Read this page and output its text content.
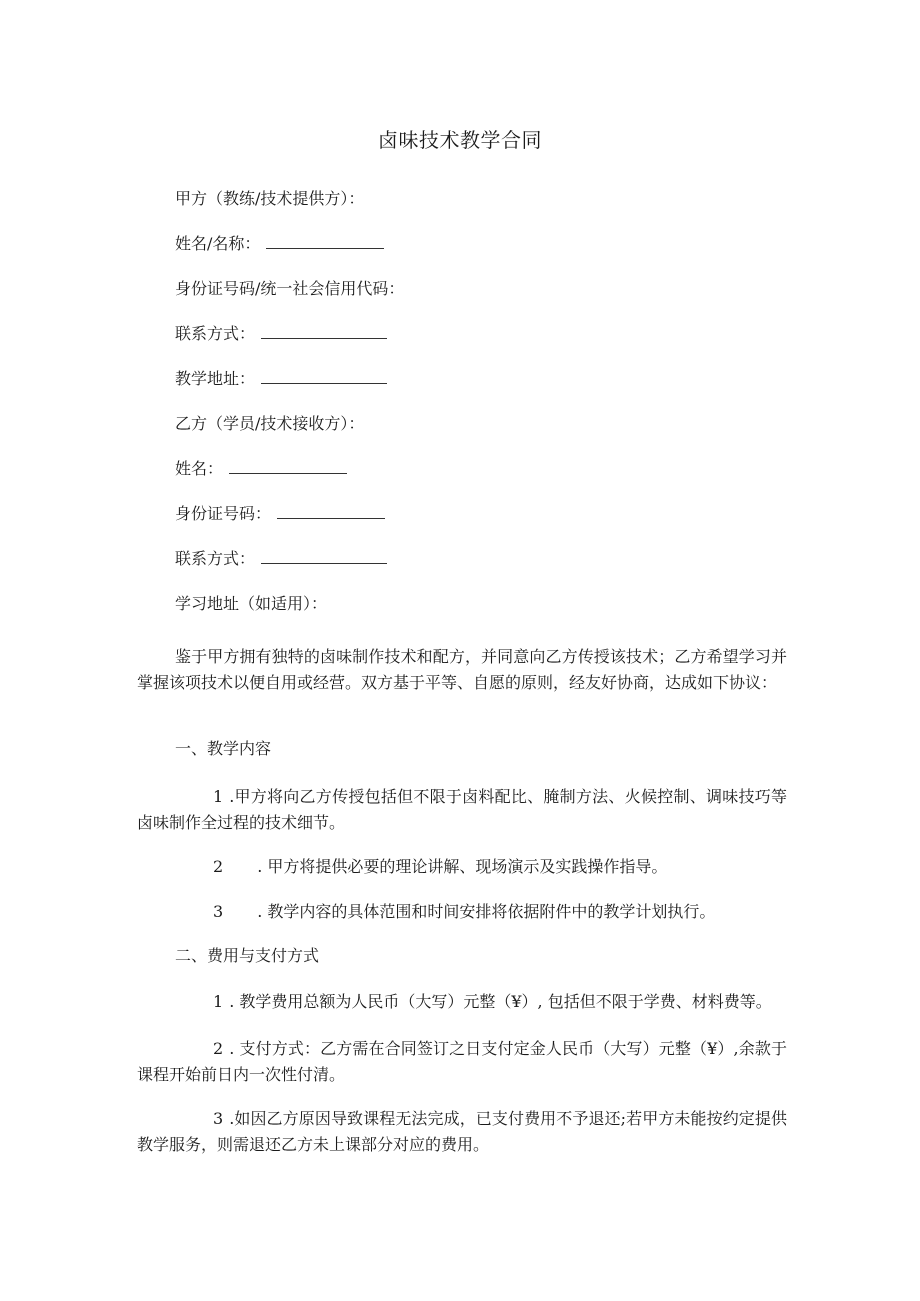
卤味技术教学合同
甲方（教练/技术提供方）：
姓名/名称：
身份证号码/统一社会信用代码：
联系方式：
教学地址：
乙方（学员/技术接收方）：
姓名：
身份证号码：
联系方式：
学习地址（如适用）：
鉴于甲方拥有独特的卤味制作技术和配方，并同意向乙方传授该技术；乙方希望学习并掌握该项技术以便自用或经营。双方基于平等、自愿的原则，经友好协商，达成如下协议：
一、教学内容
1 .甲方将向乙方传授包括但不限于卤料配比、腌制方法、火候控制、调味技巧等卤味制作全过程的技术细节。
2 . 甲方将提供必要的理论讲解、现场演示及实践操作指导。
3 . 教学内容的具体范围和时间安排将依据附件中的教学计划执行。
二、费用与支付方式
1 . 教学费用总额为人民币（大写）元整（¥）, 包括但不限于学费、材料费等。
2 . 支付方式：乙方需在合同签订之日支付定金人民币（大写）元整（¥）,余款于课程开始前日内一次性付清。
3 .如因乙方原因导致课程无法完成，已支付费用不予退还;若甲方未能按约定提供教学服务，则需退还乙方未上课部分对应的费用。
